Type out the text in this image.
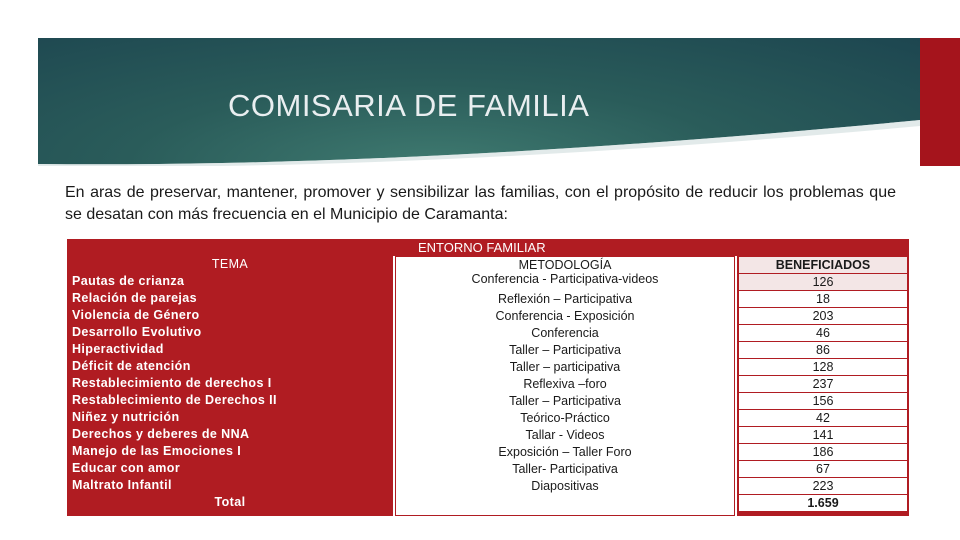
COMISARIA DE FAMILIA
En aras de preservar, mantener, promover y sensibilizar las familias, con el propósito de reducir los problemas que se desatan con más frecuencia en el Municipio de Caramanta:
ENTORNO FAMILIAR
TEMA
Pautas de crianza
Relación de parejas
Violencia de Género
Desarrollo Evolutivo
Hiperactividad
Déficit de atención
Restablecimiento de derechos I
Restablecimiento de Derechos II
Niñez y nutrición
Derechos y deberes de NNA
Manejo de las Emociones I
Educar con amor
Maltrato Infantil
Total
METODOLOGÍA
Conferencia - Participativa-videos
Reflexión – Participativa
Conferencia - Exposición
Conferencia
Taller – Participativa
Taller – participativa
Reflexiva –foro
Taller – Participativa
Teórico-Práctico
Tallar - Videos
Exposición – Taller Foro
Taller- Participativa
Diapositivas
BENEFICIADOS
126
18
203
46
86
128
237
156
42
141
186
67
223
1.659
